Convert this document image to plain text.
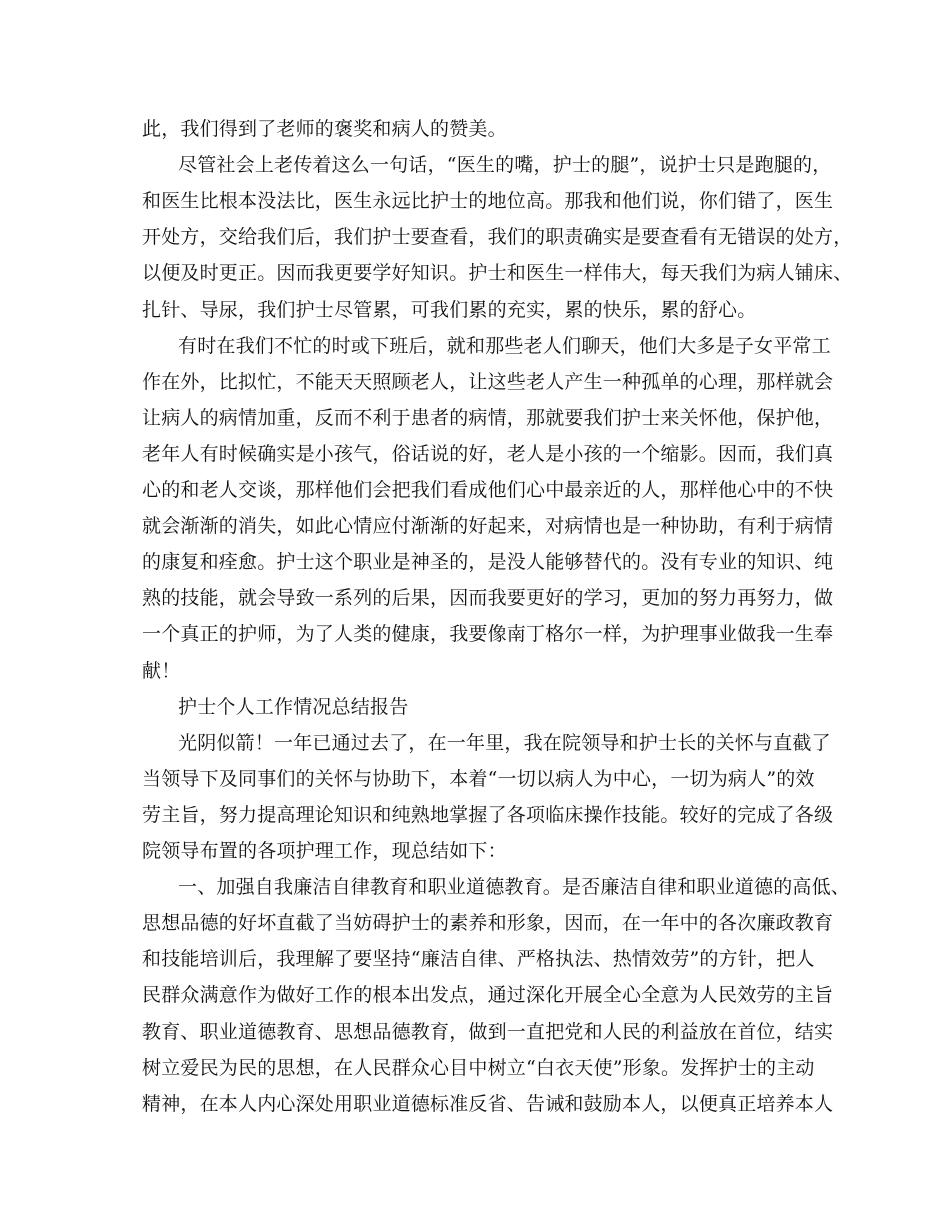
此，我们得到了老师的褒奖和病人的赞美。
尽管社会上老传着这么一句话，“医生的嘴，护士的腿”，说护士只是跑腿的，
和医生比根本没法比，医生永远比护士的地位高。那我和他们说，你们错了，医生
开处方，交给我们后，我们护士要查看，我们的职责确实是要查看有无错误的处方，
以便及时更正。因而我更要学好知识。护士和医生一样伟大，每天我们为病人铺床、
扎针、导尿，我们护士尽管累，可我们累的充实，累的快乐，累的舒心。
有时在我们不忙的时或下班后，就和那些老人们聊天，他们大多是子女平常工
作在外，比拟忙，不能天天照顾老人，让这些老人产生一种孤单的心理，那样就会
让病人的病情加重，反而不利于患者的病情，那就要我们护士来关怀他，保护他，
老年人有时候确实是小孩气，俗话说的好，老人是小孩的一个缩影。因而，我们真
心的和老人交谈，那样他们会把我们看成他们心中最亲近的人，那样他心中的不快
就会渐渐的消失，如此心情应付渐渐的好起来，对病情也是一种协助，有利于病情
的康复和痊愈。护士这个职业是神圣的，是没人能够替代的。没有专业的知识、纯
熟的技能，就会导致一系列的后果，因而我要更好的学习，更加的努力再努力，做
一个真正的护师，为了人类的健康，我要像南丁格尔一样，为护理事业做我一生奉
献！
护士个人工作情况总结报告
光阴似箭！一年已通过去了，在一年里，我在院领导和护士长的关怀与直截了
当领导下及同事们的关怀与协助下，本着“一切以病人为中心，一切为病人”的效
劳主旨，努力提高理论知识和纯熟地掌握了各项临床操作技能。较好的完成了各级
院领导布置的各项护理工作，现总结如下：
一、加强自我廉洁自律教育和职业道德教育。是否廉洁自律和职业道德的高低、
思想品德的好坏直截了当妨碍护士的素养和形象，因而，在一年中的各次廉政教育
和技能培训后，我理解了要坚持“廉洁自律、严格执法、热情效劳”的方针，把人
民群众满意作为做好工作的根本出发点，通过深化开展全心全意为人民效劳的主旨
教育、职业道德教育、思想品德教育，做到一直把党和人民的利益放在首位，结实
树立爱民为民的思想，在人民群众心目中树立“白衣天使”形象。发挥护士的主动
精神，在本人内心深处用职业道德标准反省、告诫和鼓励本人，以便真正培养本人
